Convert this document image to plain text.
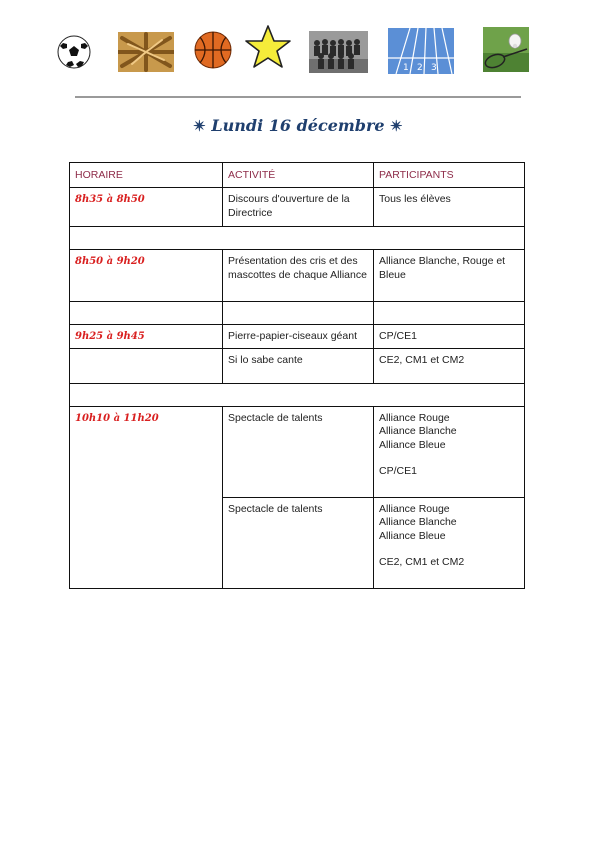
1 2 3
✴ Lundi 16 décembre ✴
HORAIRE	ACTIVITÉ	PARTICIPANTS
8h35 à 8h50	Discours d'ouverture de la Directrice	Tous les élèves

8h50 à 9h20	Présentation des cris et des mascottes de chaque Alliance	Alliance Blanche, Rouge et Bleue

9h25 à 9h45	Pierre-papier-ciseaux géant	CP/CE1
	Si lo sabe cante	CE2, CM1 et CM2

10h10 à 11h20	Spectacle de talents	Alliance Rouge
Alliance Blanche
Alliance Bleue
CP/CE1

	Spectacle de talents	Alliance Rouge
Alliance Blanche
Alliance Bleue
CE2, CM1 et CM2
